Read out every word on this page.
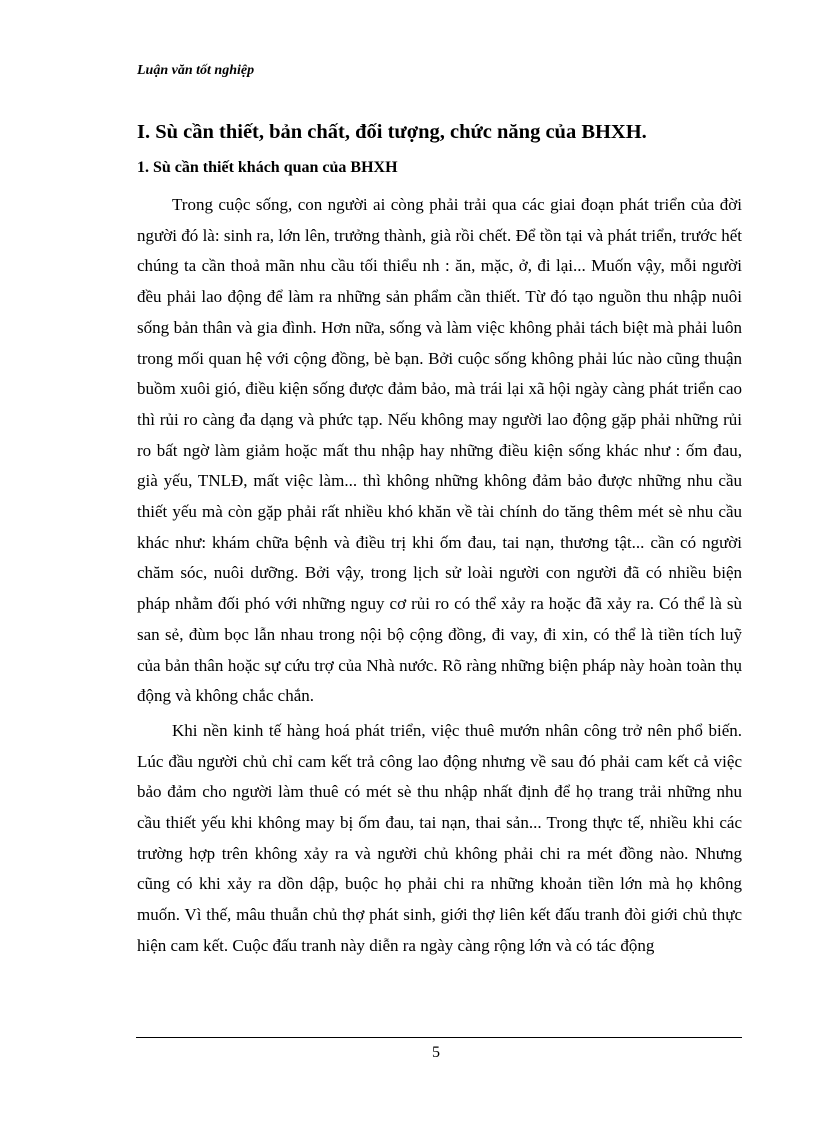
Luận văn tốt nghiệp
I. Sù cần thiết, bản chất, đối tượng, chức năng của BHXH.
1. Sù cần thiết khách quan của BHXH

Trong cuộc sống, con người ai còng phải trải qua các giai đoạn phát triển của đời người đó là: sinh ra, lớn lên, trưởng thành, già rồi chết. Để tồn tại và phát triển, trước hết chúng ta cần thoả mãn nhu cầu tối thiểu nh : ăn, mặc, ở, đi lại... Muốn vậy, mỗi người đều phải lao động để làm ra những sản phẩm cần thiết. Từ đó tạo nguồn thu nhập nuôi sống bản thân và gia đình. Hơn nữa, sống và làm việc không phải tách biệt mà phải luôn trong mối quan hệ với cộng đồng, bè bạn. Bởi cuộc sống không phải lúc nào cũng thuận buồm xuôi gió, điều kiện sống được đảm bảo, mà trái lại xã hội ngày càng phát triển cao thì rủi ro càng đa dạng và phức tạp. Nếu không may người lao động gặp phải những rủi ro bất ngờ làm giảm hoặc mất thu nhập hay những điều kiện sống khác như : ốm đau, già yếu, TNLĐ, mất việc làm... thì không những không đảm bảo được những nhu cầu thiết yếu mà còn gặp phải rất nhiều khó khăn về tài chính do tăng thêm mét sè nhu cầu khác như: khám chữa bệnh và điều trị khi ốm đau, tai nạn, thương tật... cần có người chăm sóc, nuôi dưỡng. Bởi vậy, trong lịch sử loài người con người đã có nhiều biện pháp nhằm đối phó với những nguy cơ rủi ro có thể xảy ra hoặc đã xảy ra. Có thể là sù san sẻ, đùm bọc lẫn nhau trong nội bộ cộng đồng, đi vay, đi xin, có thể là tiền tích luỹ của bản thân hoặc sự cứu trợ của Nhà nước. Rõ ràng những biện pháp này hoàn toàn thụ động và không chắc chắn.

Khi nền kinh tế hàng hoá phát triển, việc thuê mướn nhân công trở nên phổ biến. Lúc đầu người chủ chỉ cam kết trả công lao động nhưng về sau đó phải cam kết cả việc bảo đảm cho người làm thuê có mét sè thu nhập nhất định để họ trang trải những nhu cầu thiết yếu khi không may bị ốm đau, tai nạn, thai sản... Trong thực tế, nhiều khi các trường hợp trên không xảy ra và người chủ không phải chi ra mét đồng nào. Nhưng cũng có khi xảy ra dồn dập, buộc họ phải chi ra những khoản tiền lớn mà họ không muốn. Vì thế, mâu thuẫn chủ thợ phát sinh, giới thợ liên kết đấu tranh đòi giới chủ thực hiện cam kết. Cuộc đấu tranh này diễn ra ngày càng rộng lớn và có tác động

5
